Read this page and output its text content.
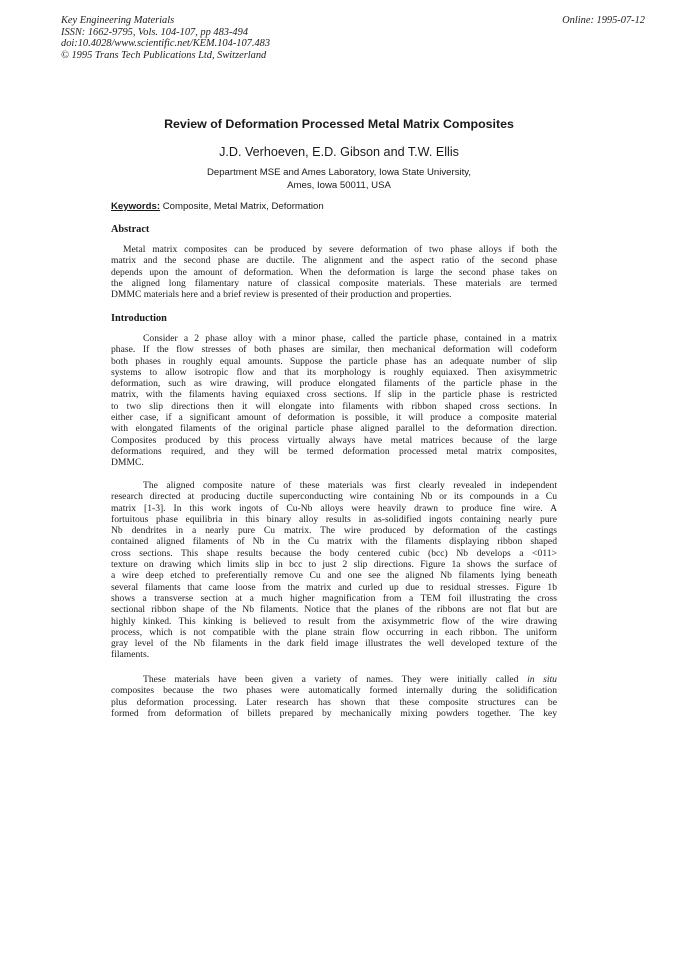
Key Engineering Materials
ISSN: 1662-9795, Vols. 104-107, pp 483-494
doi:10.4028/www.scientific.net/KEM.104-107.483
© 1995 Trans Tech Publications Ltd, Switzerland
Online: 1995-07-12
Review of Deformation Processed Metal Matrix Composites
J.D. Verhoeven, E.D. Gibson and T.W. Ellis
Department MSE and Ames Laboratory, Iowa State University,
Ames, Iowa 50011, USA
Keywords: Composite, Metal Matrix, Deformation
Abstract
Metal matrix composites can be produced by severe deformation of two phase alloys if both the
matrix and the second phase are ductile. The alignment and the aspect ratio of the second phase
depends upon the amount of deformation. When the deformation is large the second phase takes on
the aligned long filamentary nature of classical composite materials. These materials are termed
DMMC materials here and a brief review is presented of their production and properties.
Introduction
Consider a 2 phase alloy with a minor phase, called the particle phase, contained in a matrix
phase. If the flow stresses of both phases are similar, then mechanical deformation will codeform
both phases in roughly equal amounts. Suppose the particle phase has an adequate number of slip
systems to allow isotropic flow and that its morphology is roughly equiaxed. Then axisymmetric
deformation, such as wire drawing, will produce elongated filaments of the particle phase in the
matrix, with the filaments having equiaxed cross sections. If slip in the particle phase is restricted
to two slip directions then it will elongate into filaments with ribbon shaped cross sections. In
either case, if a significant amount of deformation is possible, it will produce a composite material
with elongated filaments of the original particle phase aligned parallel to the deformation direction.
Composites produced by this process virtually always have metal matrices because of the large
deformations required, and they will be termed deformation processed metal matrix composites,
DMMC.
The aligned composite nature of these materials was first clearly revealed in independent
research directed at producing ductile superconducting wire containing Nb or its compounds in a Cu
matrix [1-3]. In this work ingots of Cu-Nb alloys were heavily drawn to produce fine wire. A
fortuitous phase equilibria in this binary alloy results in as-solidified ingots containing nearly pure
Nb dendrites in a nearly pure Cu matrix. The wire produced by deformation of the castings
contained aligned filaments of Nb in the Cu matrix with the filaments displaying ribbon shaped
cross sections. This shape results because the body centered cubic (bcc) Nb develops a <011>
texture on drawing which limits slip in bcc to just 2 slip directions. Figure 1a shows the surface of
a wire deep etched to preferentially remove Cu and one see the aligned Nb filaments lying beneath
several filaments that came loose from the matrix and curled up due to residual stresses. Figure 1b
shows a transverse section at a much higher magnification from a TEM foil illustrating the cross
sectional ribbon shape of the Nb filaments. Notice that the planes of the ribbons are not flat but are
highly kinked. This kinking is believed to result from the axisymmetric flow of the wire drawing
process, which is not compatible with the plane strain flow occurring in each ribbon. The uniform
gray level of the Nb filaments in the dark field image illustrates the well developed texture of the
filaments.
These materials have been given a variety of names. They were initially called in situ
composites because the two phases were automatically formed internally during the solidification
plus deformation processing. Later research has shown that these composite structures can be
formed from deformation of billets prepared by mechanically mixing powders together. The key
